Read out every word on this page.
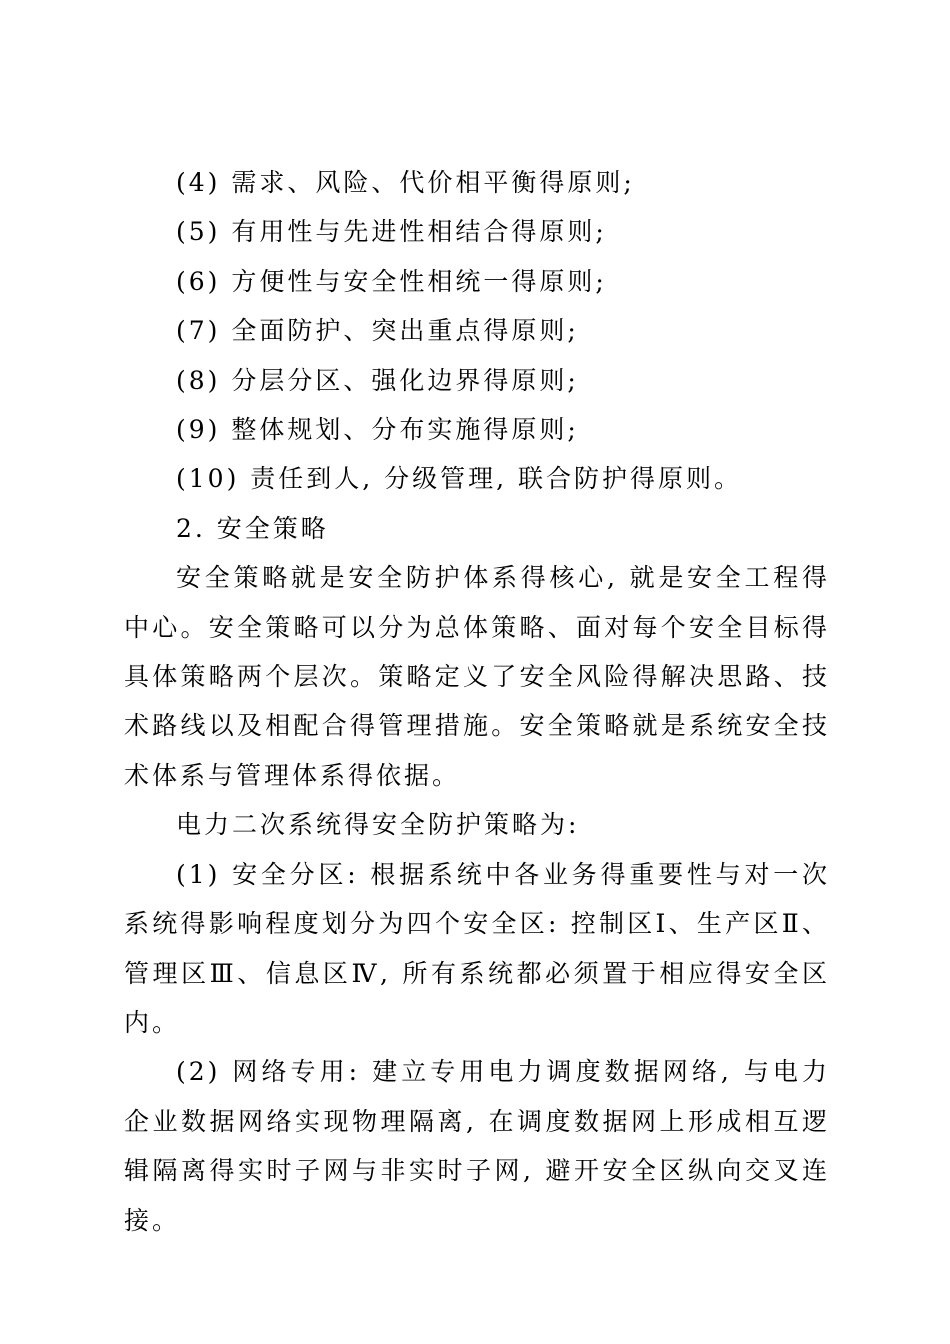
(4) 需求、风险、代价相平衡得原则;

(5) 有用性与先进性相结合得原则;

(6) 方便性与安全性相统一得原则;

(7) 全面防护、突出重点得原则;

(8) 分层分区、强化边界得原则;

(9) 整体规划、分布实施得原则;

(10) 责任到人, 分级管理, 联合防护得原则。

2. 安全策略

安全策略就是安全防护体系得核心, 就是安全工程得中心。安全策略可以分为总体策略、面对每个安全目标得具体策略两个层次。策略定义了安全风险得解决思路、技术路线以及相配合得管理措施。安全策略就是系统安全技术体系与管理体系得依据。

电力二次系统得安全防护策略为:

(1) 安全分区: 根据系统中各业务得重要性与对一次系统得影响程度划分为四个安全区: 控制区Ⅰ、生产区Ⅱ、管理区Ⅲ、信息区Ⅳ, 所有系统都必须置于相应得安全区内。

(2) 网络专用: 建立专用电力调度数据网络, 与电力企业数据网络实现物理隔离, 在调度数据网上形成相互逻辑隔离得实时子网与非实时子网, 避开安全区纵向交叉连接。
